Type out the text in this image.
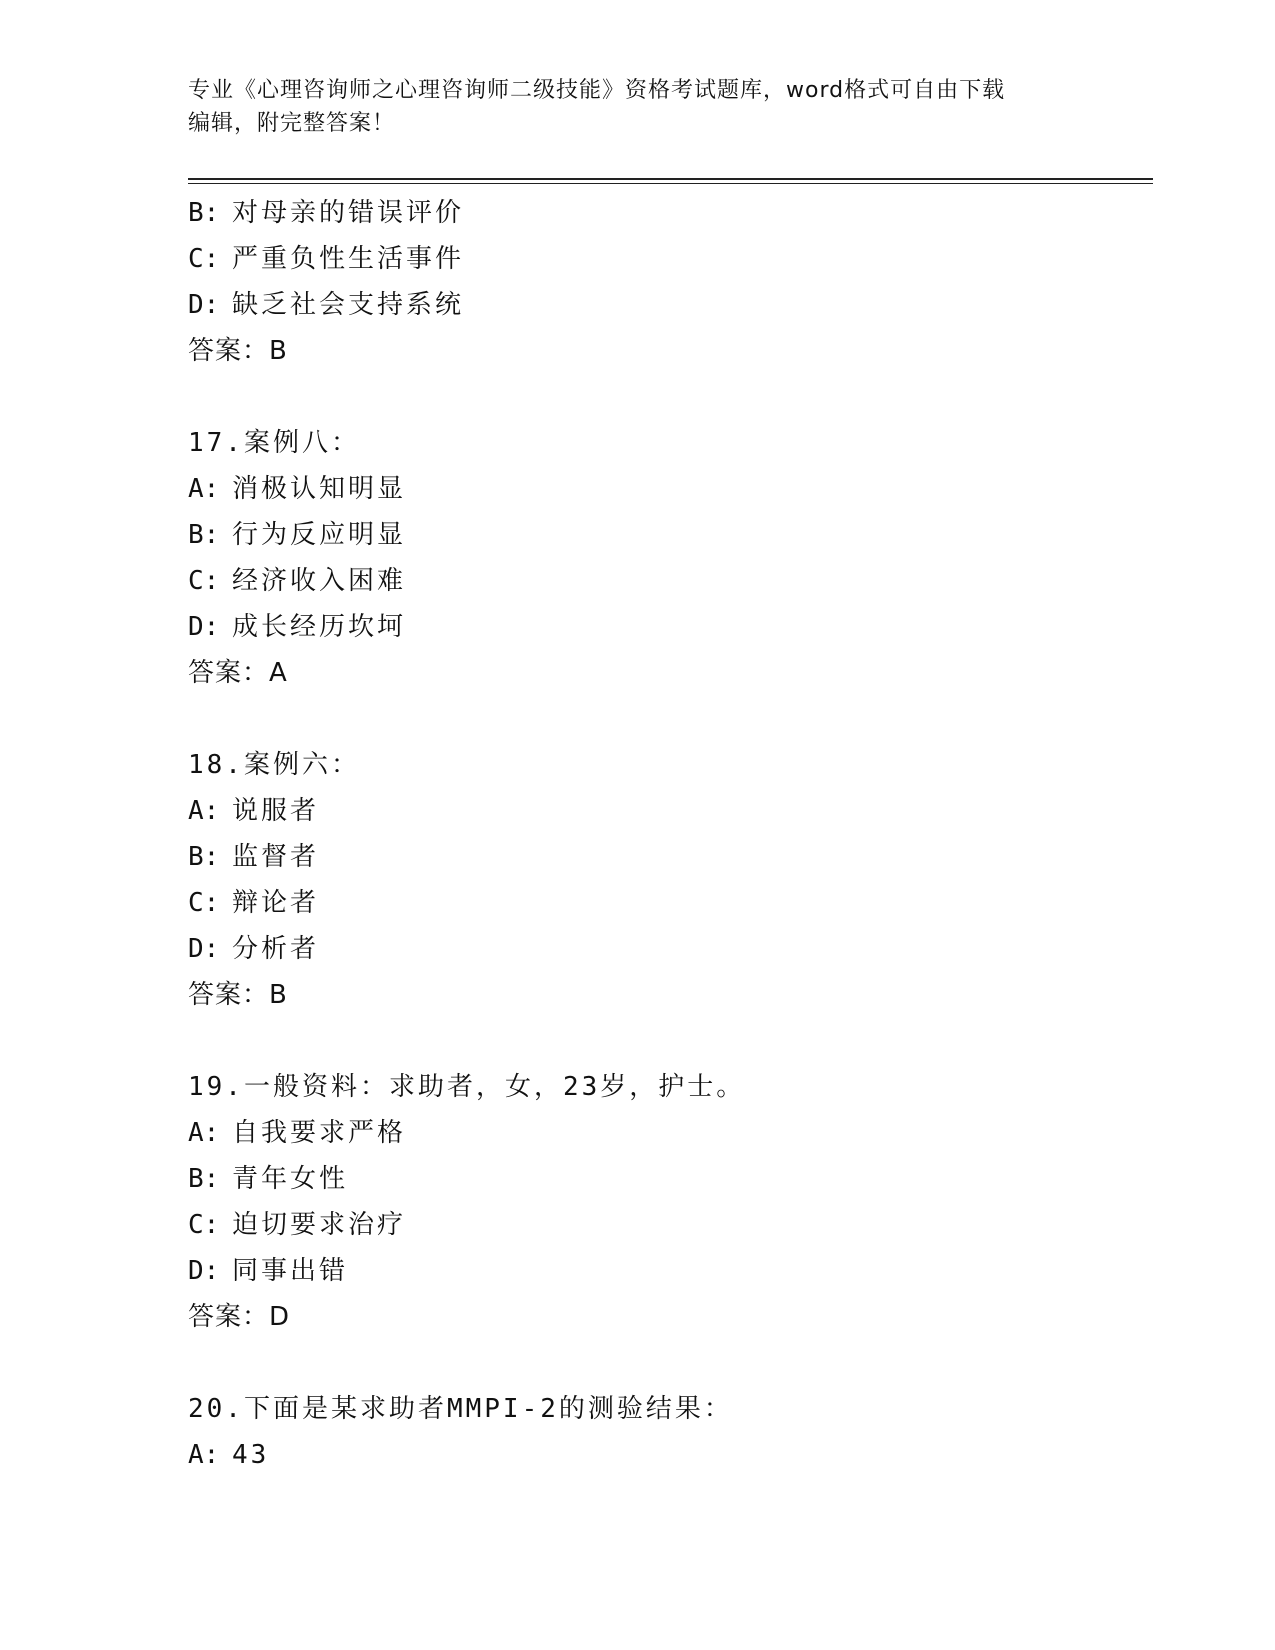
专业《心理咨询师之心理咨询师二级技能》资格考试题库，word格式可自由下载
编辑，附完整答案！
B: 对母亲的错误评价
C: 严重负性生活事件
D: 缺乏社会支持系统
答案：B
17.案例八：
A: 消极认知明显
B: 行为反应明显
C: 经济收入困难
D: 成长经历坎坷
答案：A
18.案例六：
A: 说服者
B: 监督者
C: 辩论者
D: 分析者
答案：B
19.一般资料：求助者，女，23岁，护士。
A: 自我要求严格
B: 青年女性
C: 迫切要求治疗
D: 同事出错
答案：D
20.下面是某求助者MMPI-2的测验结果：
A: 43
